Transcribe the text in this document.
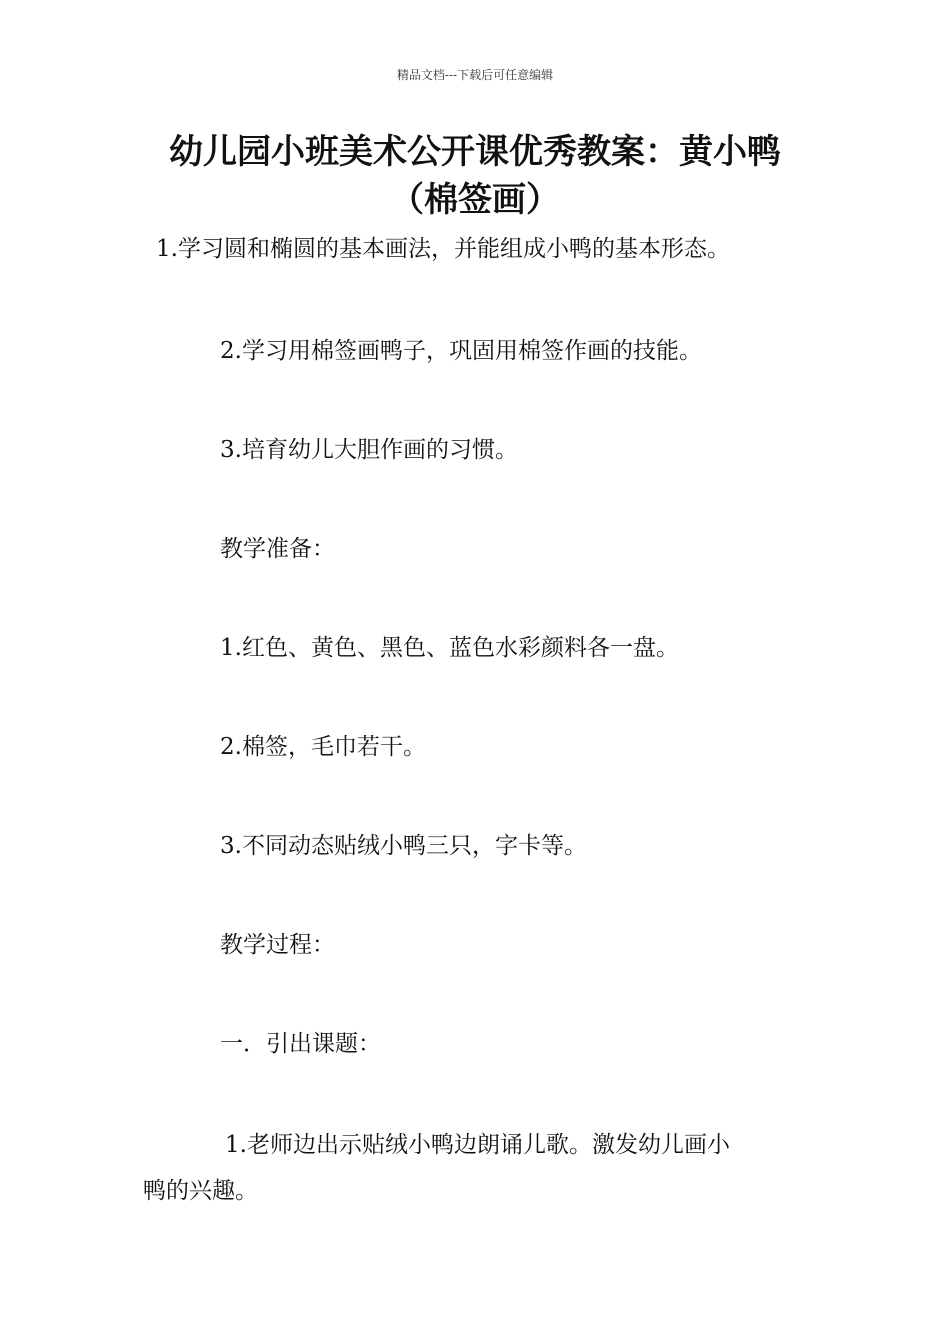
精品文档---下载后可任意编辑
幼儿园小班美术公开课优秀教案：黄小鸭（棉签画）
1.学习圆和椭圆的基本画法，并能组成小鸭的基本形态。
2.学习用棉签画鸭子，巩固用棉签作画的技能。
3.培育幼儿大胆作画的习惯。
教学准备：
1.红色、黄色、黑色、蓝色水彩颜料各一盘。
2.棉签，毛巾若干。
3.不同动态贴绒小鸭三只，字卡等。
教学过程：
一．引出课题：
1.老师边出示贴绒小鸭边朗诵儿歌。激发幼儿画小
鸭的兴趣。
